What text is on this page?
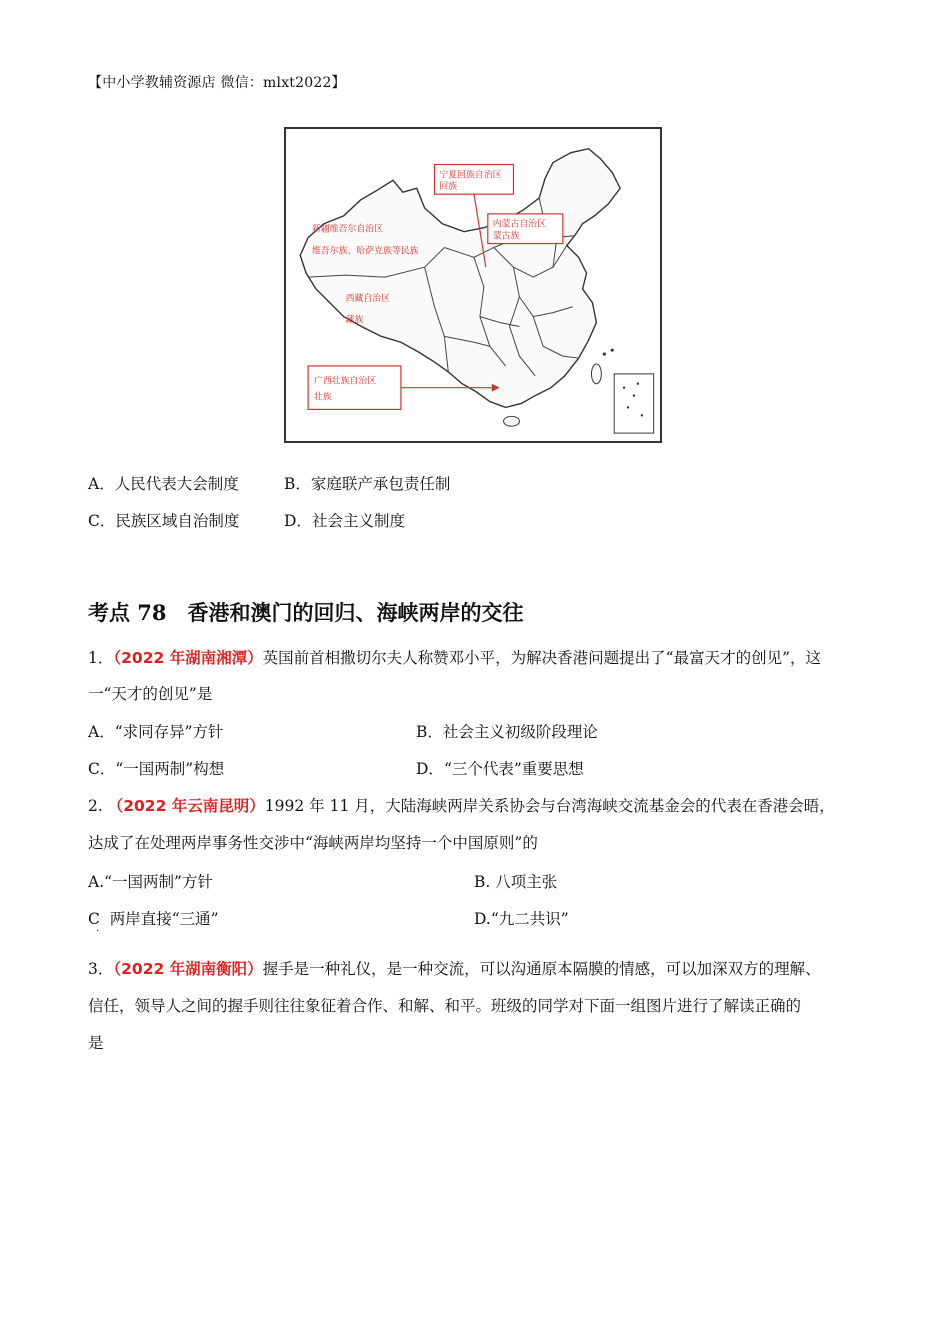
【中小学教辅资源店 微信：mlxt2022】
宁夏回族自治区
回族
内蒙古自治区
蒙古族
新疆维吾尔自治区
维吾尔族、哈萨克族等民族
西藏自治区
藏族
广西壮族自治区
壮族
A．人民代表大会制度	B．家庭联产承包责任制
C．民族区域自治制度	D．社会主义制度
考点 78　香港和澳门的回归、海峡两岸的交往
1．（2022 年湖南湘潭）英国前首相撒切尔夫人称赞邓小平，为解决香港问题提出了“最富天才的创见”，这
一“天才的创见”是
A．“求同存异”方针	B．社会主义初级阶段理论
C．“一国两制”构想	D．“三个代表”重要思想
2. （2022 年云南昆明）1992 年 11 月，大陆海峡两岸关系协会与台湾海峡交流基金会的代表在香港会晤，
达成了在处理两岸事务性交涉中“海峡两岸均坚持一个中国原则”的
A.“一国两制”方针	B. 八项主张
C 两岸直接“三通”
·
D.“九二共识”
3．（2022 年湖南衡阳）握手是一种礼仪，是一种交流，可以沟通原本隔膜的情感，可以加深双方的理解、
信任，领导人之间的握手则往往象征着合作、和解、和平。班级的同学对下面一组图片进行了解读正确的
是
